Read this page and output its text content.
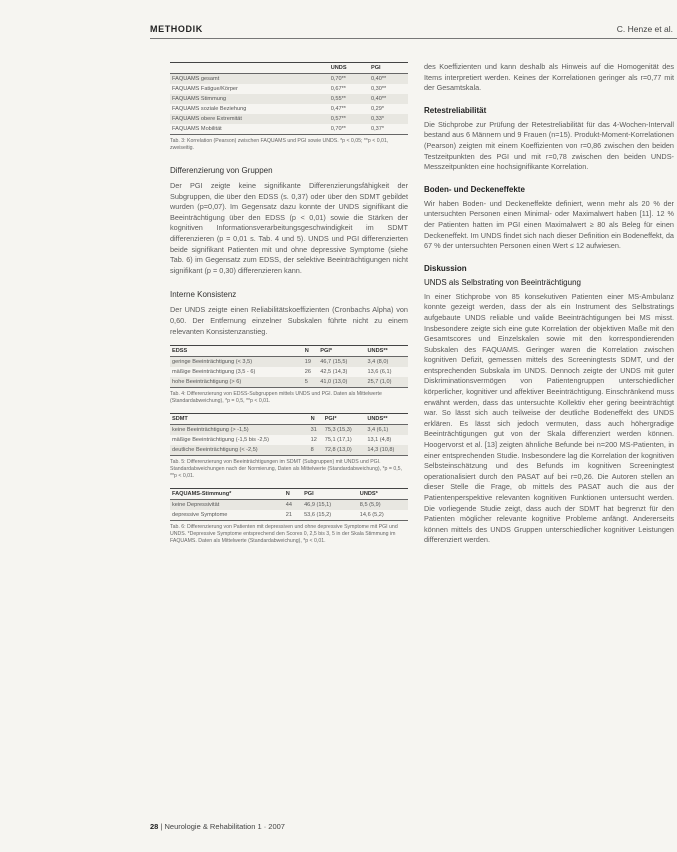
METHODIK	C. Henze et al.
	UNDS	PGI
FAQUAMS gesamt	0,70**	0,40**
FAQUAMS Fatigue/Körper	0,67**	0,30**
FAQUAMS Stimmung	0,55**	0,40**
FAQUAMS soziale Beziehung	0,47**	0,29*
FAQUAMS obere Extremität	0,57**	0,33*
FAQUAMS Mobilität	0,70**	0,37*
Tab. 3: Korrelation (Pearson) zwischen FAQUAMS und PGI sowie UNDS. *p < 0,05; **p < 0,01, zweiseitig.
Differenzierung von Gruppen
Der PGI zeigte keine signifikante Differenzierungsfähigkeit der Subgruppen, die über den EDSS (s. 0,37) oder über den SDMT gebildet wurden (p=0,07). Im Gegensatz dazu konnte der UNDS signifikant die Beeinträchtigung über den EDSS (p < 0,01) sowie die Stärken der kognitiven Informationsverarbeitungsgeschwindigkeit im SDMT differenzieren (p = 0,01 s. Tab. 4 und 5). UNDS und PGI differenzierten beide signifikant Patienten mit und ohne depressive Symptome (siehe Tab. 6) im Gegensatz zum EDSS, der selektive Beeinträchtigungen nicht signifikant (p = 0,30) differenzieren kann.
Interne Konsistenz
Der UNDS zeigte einen Reliabilitätskoeffizienten (Cronbachs Alpha) von 0,60. Der Entfernung einzelner Subskalen führte nicht zu einem relevanten Konsistenzanstieg.
EDSS	N	PGI*	UNDS**
geringe Beeinträchtigung (< 3,5)	19	46,7 (15,5)	3,4 (8,0)
mäßige Beeinträchtigung (3,5 - 6)	26	42,5 (14,3)	13,6 (6,1)
hohe Beeinträchtigung (> 6)	5	41,0 (13,0)	25,7 (1,0)
Tab. 4: Differenzierung von EDSS-Subgruppen mittels UNDS und PGI. Daten als Mittelwerte (Standardabweichung), *p = 0,5, **p < 0,01.
SDMT	N	PGI*	UNDS**
keine Beeinträchtigung (> -1,5)	31	75,3 (15,3)	3,4 (6,1)
mäßige Beeinträchtigung (-1,5 bis -2,5)	12	75,1 (17,1)	13,1 (4,8)
deutliche Beeinträchtigung (< -2,5)	8	72,8 (13,0)	14,3 (10,8)
Tab. 5: Differenzierung von Beeinträchtigungen im SDMT (Subgruppen) mit UNDS und PGI. Standardabweichungen nach der Normierung, Daten als Mittelwerte (Standardabweichung), *p = 0,5, **p < 0,01.
FAQUAMS-Stimmung*	N	PGI	UNDS*
keine Depressivität	44	46,9 (15,1)	8,5 (5,9)
depressive Symptome	21	53,6 (15,2)	14,6 (5,2)
Tab. 6: Differenzierung von Patienten mit depressiven und ohne depressive Symptome mit PGI und UNDS. *Depressive Symptome entsprechend den Scores 0, 2,5 bis 3, 5 in der Skala Stimmung im FAQUAMS. Daten als Mittelwerte (Standardabweichung), *p < 0,01.
des Koeffizienten und kann deshalb als Hinweis auf die Homogenität des Items interpretiert werden. Keines der Korrelationen geringer als r=0,77 mit der Gesamtskala.
Retestreliabilität
Die Stichprobe zur Prüfung der Retestreliabilität für das 4-Wochen-Intervall bestand aus 6 Männern und 9 Frauen (n=15). Produkt-Moment-Korrelationen (Pearson) zeigten mit einem Koeffizienten von r=0,86 zwischen den beiden Testzeitpunkten des PGI und mit r=0,78 zwischen den beiden UNDS-Messzeitpunkten eine hochsignifikante Korrelation.
Boden- und Deckeneffekte
Wir haben Boden- und Deckeneffekte definiert, wenn mehr als 20 % der untersuchten Personen einen Minimal- oder Maximalwert haben [11]. 12 % der Patienten hatten im PGI einen Maximalwert ≥ 80 als Beleg für einen Deckeneffekt. Im UNDS findet sich nach dieser Definition ein Bodeneffekt, da 67 % der untersuchten Personen einen Wert ≤ 12 aufwiesen.
Diskussion
UNDS als Selbstrating von Beeinträchtigung
In einer Stichprobe von 85 konsekutiven Patienten einer MS-Ambulanz konnte gezeigt werden, dass der als ein Instrument des Selbstratings aufgebaute UNDS reliable und valide Beeinträchtigungen bei MS misst. Insbesondere zeigte sich eine gute Korrelation der objektiven Maße mit den Gesamtscores und Einzelskalen sowie mit den korrespondierenden Subskalen des FAQUAMS. Geringer waren die Korrelation zwischen kognitiven Defizit, gemessen mittels des Screeningtests SDMT, und der entsprechenden Subskala im UNDS. Dennoch zeigte der UNDS mit guter Diskriminationsvermögen von Patientengruppen unterschiedlicher körperlicher, kognitiver und affektiver Beeinträchtigung. Einschränkend muss erwähnt werden, dass das untersuchte Kollektiv eher gering beeinträchtigt war. So lässt sich auch teilweise der deutliche Bodeneffekt des UNDS erklären. Es lässt sich jedoch vermuten, dass auch höhergradige Beeinträchtigungen gut von der Skala differenziert werden können. Hoogervorst et al. [13] zeigten ähnliche Befunde bei n=200 MS-Patienten, in einer entsprechenden Studie. Insbesondere lag die Korrelation der kognitiven Selbsteinschätzung und des Befunds im kognitiven Screeningtest operationalisiert durch den PASAT auf bei r=0,26. Die Autoren stellen an dieser Stelle die Frage, ob mittels des PASAT auch die aus der Patientenperspektive relevanten kognitiven Funktionen untersucht werden. Die vorliegende Studie zeigt, dass auch der SDMT hat begrenzt für den Patienten möglicher relevante kognitive Probleme anfängt. Andererseits können mittels des UNDS Gruppen unterschiedlicher kognitiver Leistungen differenziert werden.
28 | Neurologie & Rehabilitation 1 · 2007
